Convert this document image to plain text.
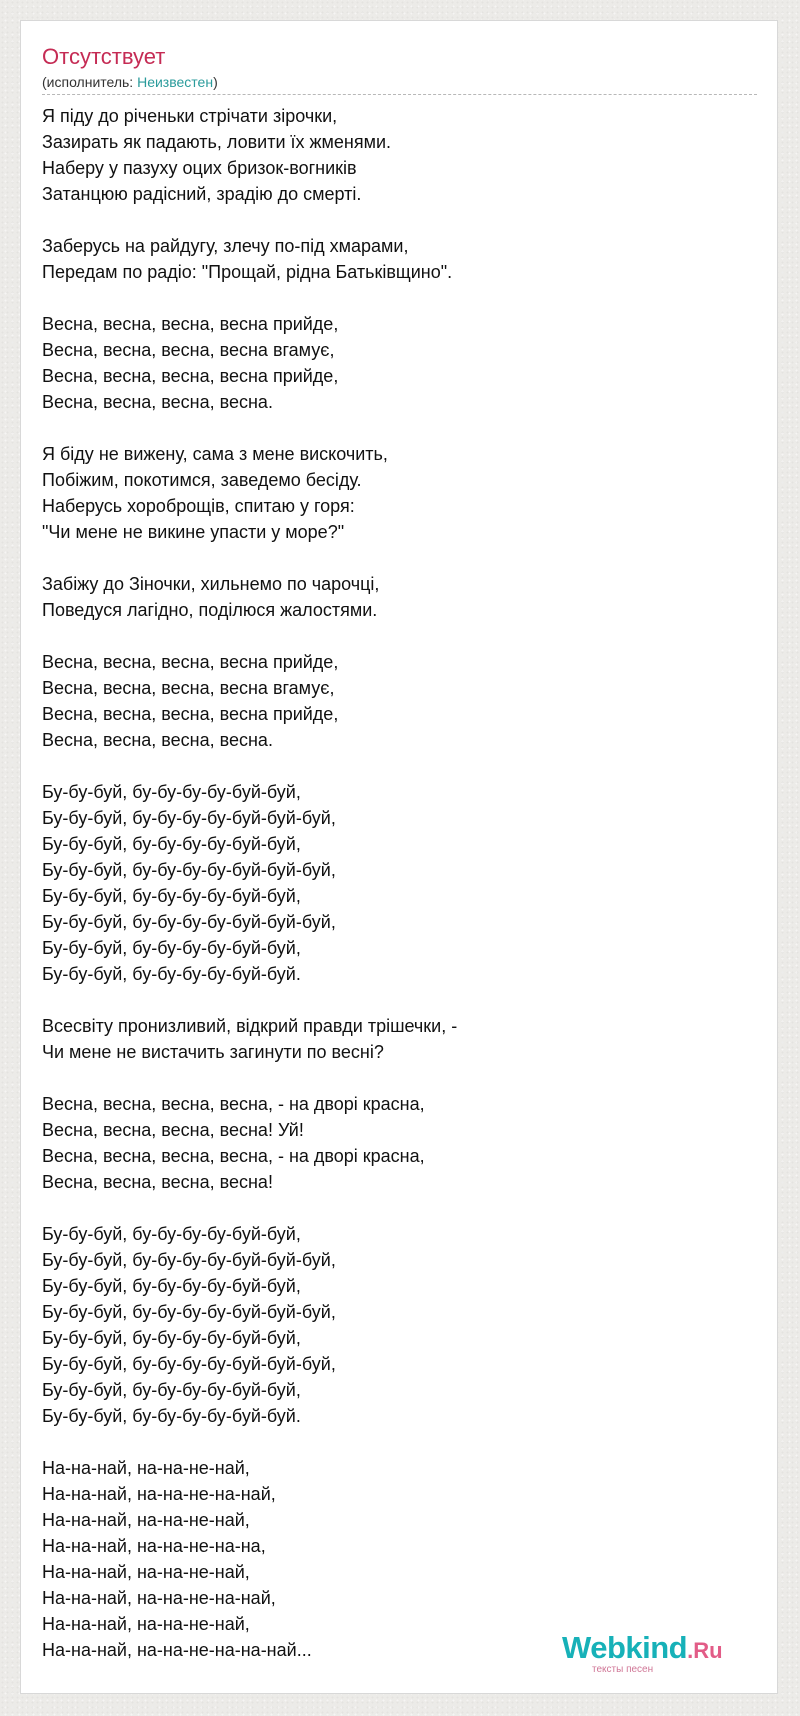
Отсутствует
(исполнитель: Неизвестен)
Я піду до річеньки стрічати зірочки,
Зазирать як падають, ловити їх жменями.
Наберу у пазуху оцих бризок-вогників
Затанцюю радісний, зрадію до смерті.
Заберусь на райдугу, злечу по-під хмарами,
Передам по радіо: "Прощай, рідна Батьківщино".
Весна, весна, весна, весна прийде,
Весна, весна, весна, весна вгамує,
Весна, весна, весна, весна прийде,
Весна, весна, весна, весна.
Я біду не вижену, сама з мене вискочить,
Побіжим, покотимся, заведемо бесіду.
Наберусь хороброщів, спитаю у горя:
"Чи мене не викине упасти у море?"
Забіжу до Зіночки, хильнемо по чарочці,
Поведуся лагідно, поділюся жалостями.
Весна, весна, весна, весна прийде,
Весна, весна, весна, весна вгамує,
Весна, весна, весна, весна прийде,
Весна, весна, весна, весна.
Бу-бу-буй, бу-бу-бу-бу-буй-буй,
Бу-бу-буй, бу-бу-бу-бу-буй-буй-буй,
Бу-бу-буй, бу-бу-бу-бу-буй-буй,
Бу-бу-буй, бу-бу-бу-бу-буй-буй-буй,
Бу-бу-буй, бу-бу-бу-бу-буй-буй,
Бу-бу-буй, бу-бу-бу-бу-буй-буй-буй,
Бу-бу-буй, бу-бу-бу-бу-буй-буй,
Бу-бу-буй, бу-бу-бу-бу-буй-буй.
Всесвіту пронизливий, відкрий правди трішечки, -
Чи мене не вистачить загинути по весні?
Весна, весна, весна, весна, - на дворі красна,
Весна, весна, весна, весна! Уй!
Весна, весна, весна, весна, - на дворі красна,
Весна, весна, весна, весна!
Бу-бу-буй, бу-бу-бу-бу-буй-буй,
Бу-бу-буй, бу-бу-бу-бу-буй-буй-буй,
Бу-бу-буй, бу-бу-бу-бу-буй-буй,
Бу-бу-буй, бу-бу-бу-бу-буй-буй-буй,
Бу-бу-буй, бу-бу-бу-бу-буй-буй,
Бу-бу-буй, бу-бу-бу-бу-буй-буй-буй,
Бу-бу-буй, бу-бу-бу-бу-буй-буй,
Бу-бу-буй, бу-бу-бу-бу-буй-буй.
На-на-най, на-на-не-най,
На-на-най, на-на-не-на-най,
На-на-най, на-на-не-най,
На-на-най, на-на-не-на-на,
На-на-най, на-на-не-най,
На-на-най, на-на-не-на-най,
На-на-най, на-на-не-най,
На-на-най, на-на-не-на-на-най...	Webkind.Ru
тексты песен
